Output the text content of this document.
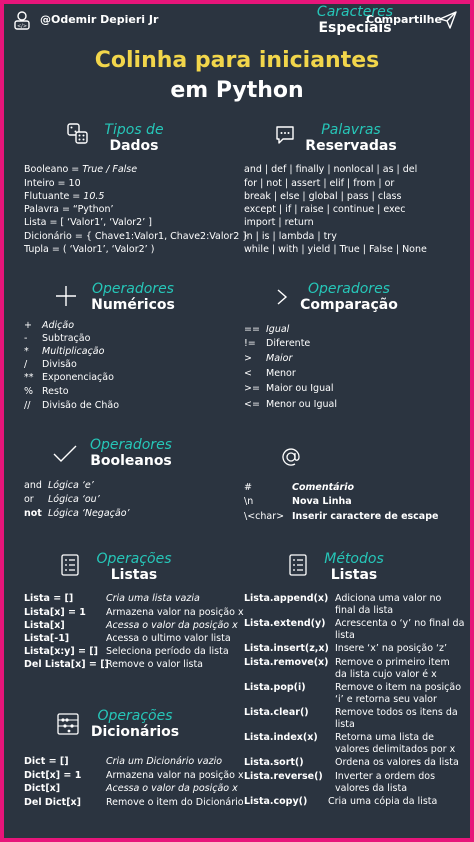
</>
@Odemir Depieri Jr	Compartilhe
Colinha para iniciantes
em Python
Tipos de
Dados
Booleano = True / False
Inteiro = 10
Flutuante = 10.5
Palavra = “Python’
Lista = [ ‘Valor1’, ‘Valor2’ ]
Dicionário = { Chave1:Valor1, Chave2:Valor2 }
Tupla = ( ‘Valor1’, ‘Valor2’ )
Palavras
Reservadas
and | def | finally | nonlocal | as | del
for | not | assert | elif | from | or
break | else | global | pass | class
except | if | raise | continue | exec
import | return
in | is | lambda | try
while | with | yield | True | False | None
Operadores
Numéricos
+ Adição
- Subtração
* Multiplicação
/ Divisão
** Exponenciação
% Resto
// Divisão de Chão
Operadores
Comparação
== Igual
!= Diferente
> Maior
< Menor
>= Maior ou Igual
<= Menor ou Igual
Operadores
Booleanos
and Lógica ‘e’
or Lógica ‘ou’
not Lógica ‘Negação’
Caracteres
Especiais
#	Comentário
\n	Nova Linha
\<char> Inserir caractere de escape
Operações
Listas
Lista = []	Cria uma lista vazia
Lista[x] = 1 Armazena valor na posição x
Lista[x]	Acessa o valor da posição x
Lista[-1]	Acessa o ultimo valor lista
Lista[x:y] = [] Seleciona período da lista
Del Lista[x] = []Remove o valor lista
Métodos
Listas
Lista.append(x) Adiciona uma valor no
final da lista
Lista.extend(y) Acrescenta o ‘y’ no final da
lista
Lista.insert(z,x) Insere ‘x’ na posição ‘z’
Lista.remove(x) Remove o primeiro item
da lista cujo valor é x
Lista.pop(i)	Remove o item na posição
‘i’ e retorna seu valor
Lista.clear()	Remove todos os itens da
lista
Lista.index(x) Retorna uma lista de
valores delimitados por x
Lista.sort()	Ordena os valores da lista
Lista.reverse() Inverter a ordem dos
valores da lista
Lista.copy() Cria uma cópia da lista
Operações
Dicionários
Dict = []	Cria um Dicionário vazio
Dict[x] = 1	Armazena valor na posição x
Dict[x]	Acessa o valor da posição x
Del Dict[x]	Remove o item do Dicionário
